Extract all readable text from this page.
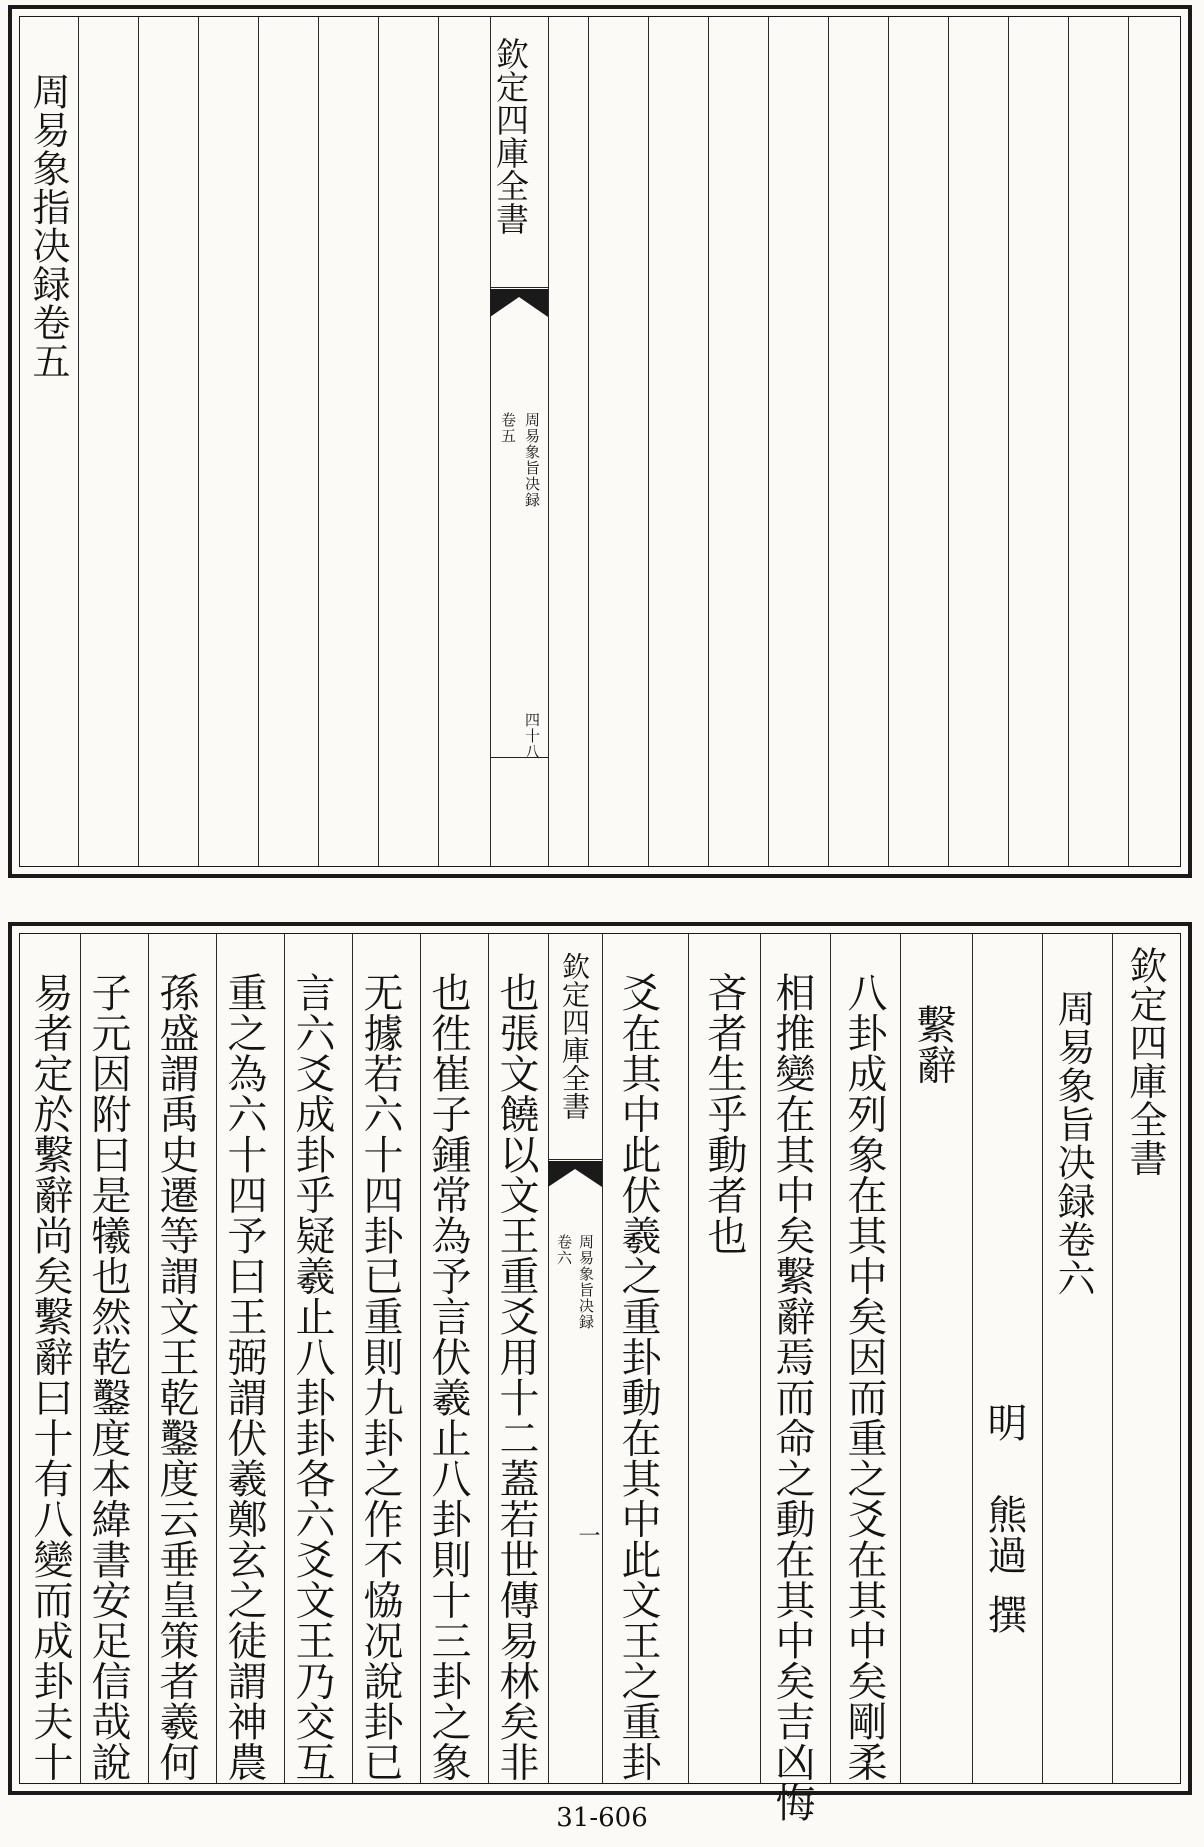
周易象指决録卷五	欽定四庫全書
周易象旨决録
卷五
四十八
也張文饒以文王重爻用十二蓋若世傳易林矣非
也徃崔子鍾常為予言伏羲止八卦則十三卦之象
无據若六十四卦已重則九卦之作不恊况說卦已
言六爻成卦乎疑羲止八卦卦各六爻文王乃交互
重之為六十四予曰王弼謂伏羲鄭玄之徒謂神農
孫盛謂禹史遷等謂文王乾鑿度云垂皇策者羲何
子元因附曰是犧也然乾鑿度本緯書安足信哉說
易者定於繫辭尚矣繫辭曰十有八變而成卦夫十	欽定四庫全書
周易象旨决録
卷六
一 爻在其中此伏羲之重卦動在其中此文王之重卦 吝者生乎動者也 相推變在其中矣繫辭焉而命之動在其中矣吉凶悔 八卦成列象在其中矣因而重之爻在其中矣剛柔 繫辭
明
熊過
撰
周易象旨决録卷六 欽定四庫全書
31-606
